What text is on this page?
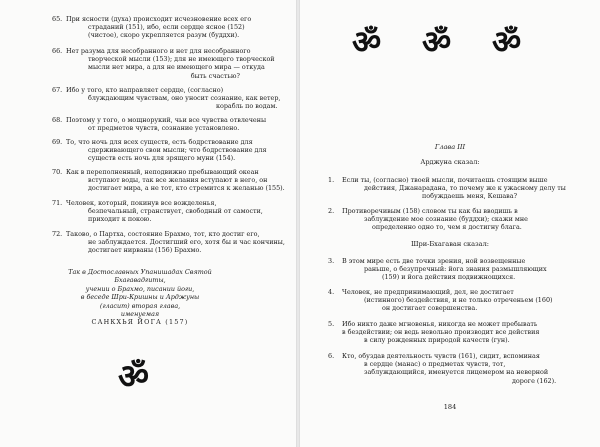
65. При ясности (духа) происходит исчезновение всех его
страданий (151), ибо, если сердце ясное (152)
(чистое), скоро укрепляется разум (буддхи).
66. Нет разума для несобранного и нет для несобранного
творческой мысли (153); для не имеющего творческой
мысли нет мира, а для не имеющего мира — откуда
быть счастью?
67. Ибо у того, кто направляет сердце, (согласно)
блуждающим чувствам, оно уносит сознание, как ветер,
корабль по водам.
68. Поэтому у того, о мощнорукий, чьи все чувства отвлечены
от предметов чувств, сознание установлено.
69. То, что ночь для всех существ, есть бодрствование для
сдерживающего свои мысли; что бодрствование для
существ есть ночь для зрящего муни (154).
70. Как в переполненный, неподвижно пребывающий океан
вступают воды, так все желания вступают в него, он
достигает мира, а не тот, кто стремится к желанью (155).
71. Человек, который, покинув все вожделенья,
безпечальный, странствует, свободный от самости,
приходит к покою.
72. Таково, о Партха, состояние Брахмо, тот, кто достиг его,
не заблуждается. Достигший его, хотя бы и час кончины,
достигает нирваны (156) Брахмо.
Так в Достославных Упанишадах Святой Бхагавадгиты,
учении о Брахмо, писании йоги,
в беседе Шри-Кришны и Арджуны
(гласит) вторая глава,
именуемая
САНКХЬЯ ЙОГА (157)
ॐ
ॐ ॐ ॐ
Глава III
Арджуна сказал:
1. Если ты, (согласно) твоей мысли, почитаешь стоящим выше
действия, Джанарадана, то почему же к ужасному делу ты
побуждаешь меня, Кешава?
2. Противоречивым (158) словом ты как бы вводишь в
заблуждение мое сознание (буддхи); скажи мне
определенно одно то, чем я достигну блага.
Шри-Бхагаван сказал:
3. В этом мире есть две точки зрения, ной возвещенные
раньше, о безупречный: йога знания размышляющих
(159) и йога действия подвижнощихся.
4. Человек, не предпринимающий, дел, не достигает
(истинного) бездействия, и не только отреченьем (160)
он достигает совершенства.
5. Ибо никто даже мгновенья, никогда не может пребывать
в бездействии; он ведь невольно производит все действия
в силу рожденных природой качеств (гун).
6. Кто, обуздав деятельность чувств (161), сидит, вспоминая
в сердце (манас) о предметах чувств, тот,
заблуждающийся, именуется лицемером на неверной
дороге (162).
184
